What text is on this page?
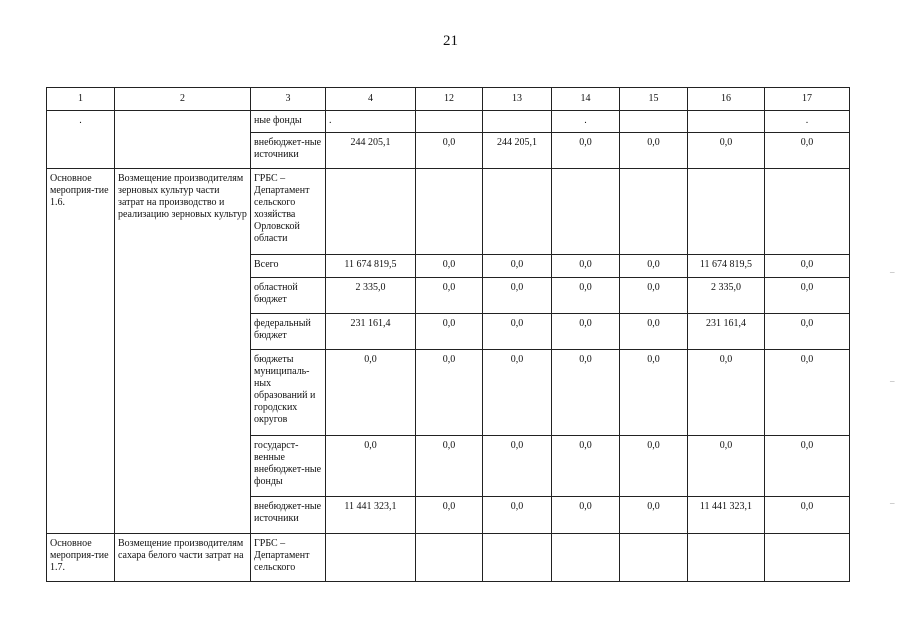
21
1	2	3	4	12	13	14	15	16	17
.		ные фонды	.			.			.
		внебюджет-ные источники	244 205,1	0,0	244 205,1	0,0	0,0	0,0	0,0
Основное мероприя-тие 1.6.	Возмещение производителям зерновых культур части затрат на производство и реализацию зерновых культур	ГРБС – Департамент сельского хозяйства Орловской области							
		Всего	11 674 819,5	0,0	0,0	0,0	0,0	11 674 819,5	0,0
		областной бюджет	2 335,0	0,0	0,0	0,0	0,0	2 335,0	0,0
		федеральный бюджет	231 161,4	0,0	0,0	0,0	0,0	231 161,4	0,0
		бюджеты муниципаль-ных образований и городских округов	0,0	0,0	0,0	0,0	0,0	0,0	0,0
		государст-венные внебюджет-ные фонды	0,0	0,0	0,0	0,0	0,0	0,0	0,0
		внебюджет-ные источники	11 441 323,1	0,0	0,0	0,0	0,0	11 441 323,1	0,0
Основное мероприя-тие 1.7.	Возмещение производителям сахара белого части затрат на	ГРБС – Департамент сельского							
–
–
–
